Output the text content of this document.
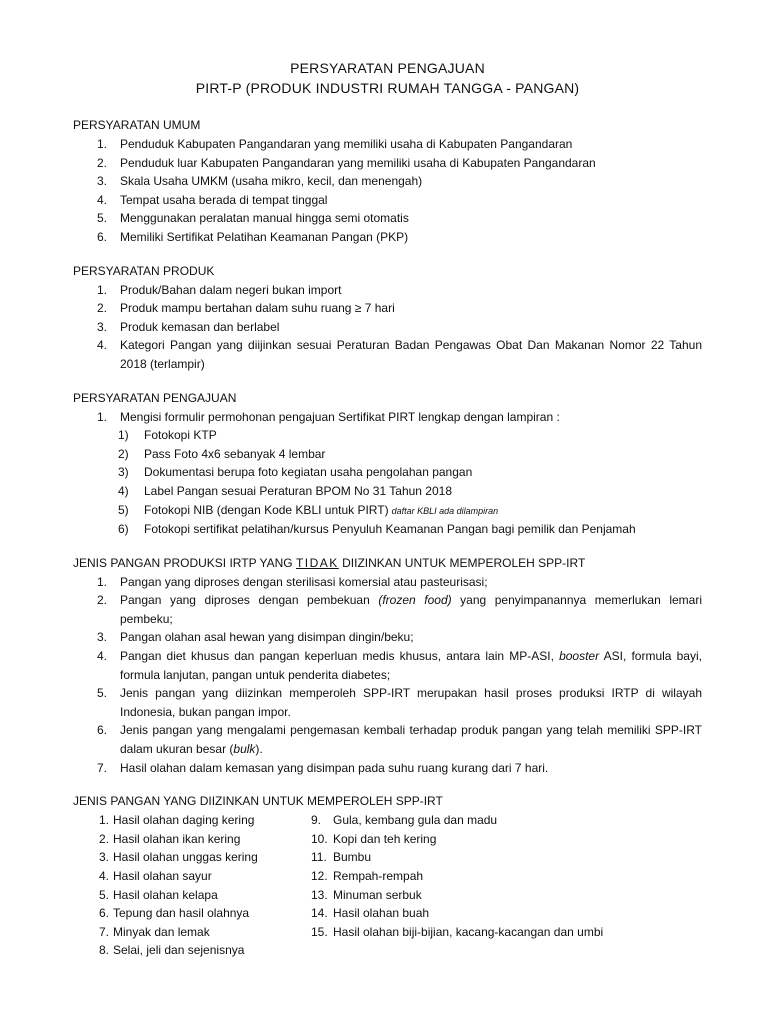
PERSYARATAN PENGAJUAN
PIRT-P (PRODUK INDUSTRI RUMAH TANGGA - PANGAN)
PERSYARATAN UMUM
1. Penduduk Kabupaten Pangandaran yang memiliki usaha di Kabupaten Pangandaran
2. Penduduk luar Kabupaten Pangandaran yang memiliki usaha di Kabupaten Pangandaran
3. Skala Usaha UMKM (usaha mikro, kecil, dan menengah)
4. Tempat usaha berada di tempat tinggal
5. Menggunakan peralatan manual hingga semi otomatis
6. Memiliki Sertifikat Pelatihan Keamanan Pangan (PKP)
PERSYARATAN PRODUK
1. Produk/Bahan dalam negeri bukan import
2. Produk mampu bertahan dalam suhu ruang ≥ 7 hari
3. Produk kemasan dan berlabel
4. Kategori Pangan yang diijinkan sesuai Peraturan Badan Pengawas Obat Dan Makanan Nomor 22 Tahun 2018 (terlampir)
PERSYARATAN PENGAJUAN
1. Mengisi formulir permohonan pengajuan Sertifikat PIRT lengkap dengan lampiran :
1) Fotokopi KTP
2) Pass Foto 4x6 sebanyak 4 lembar
3) Dokumentasi berupa foto kegiatan usaha pengolahan pangan
4) Label Pangan sesuai Peraturan BPOM No 31 Tahun 2018
5) Fotokopi NIB (dengan Kode KBLI untuk PIRT) daftar KBLI ada dilampiran
6) Fotokopi sertifikat pelatihan/kursus Penyuluh Keamanan Pangan bagi pemilik dan Penjamah
JENIS PANGAN PRODUKSI IRTP YANG TIDAK DIIZINKAN UNTUK MEMPEROLEH SPP-IRT
1. Pangan yang diproses dengan sterilisasi komersial atau pasteurisasi;
2. Pangan yang diproses dengan pembekuan (frozen food) yang penyimpanannya memerlukan lemari pembeku;
3. Pangan olahan asal hewan yang disimpan dingin/beku;
4. Pangan diet khusus dan pangan keperluan medis khusus, antara lain MP-ASI, booster ASI, formula bayi, formula lanjutan, pangan untuk penderita diabetes;
5. Jenis pangan yang diizinkan memperoleh SPP-IRT merupakan hasil proses produksi IRTP di wilayah Indonesia, bukan pangan impor.
6. Jenis pangan yang mengalami pengemasan kembali terhadap produk pangan yang telah memiliki SPP-IRT dalam ukuran besar (bulk).
7. Hasil olahan dalam kemasan yang disimpan pada suhu ruang kurang dari 7 hari.
JENIS PANGAN YANG DIIZINKAN UNTUK MEMPEROLEH SPP-IRT
1. Hasil olahan daging kering
2. Hasil olahan ikan kering
3. Hasil olahan unggas kering
4. Hasil olahan sayur
5. Hasil olahan kelapa
6. Tepung dan hasil olahnya
7. Minyak dan lemak
8. Selai, jeli dan sejenisnya
9. Gula, kembang gula dan madu
10. Kopi dan teh kering
11. Bumbu
12. Rempah-rempah
13. Minuman serbuk
14. Hasil olahan buah
15. Hasil olahan biji-bijian, kacang-kacangan dan umbi
